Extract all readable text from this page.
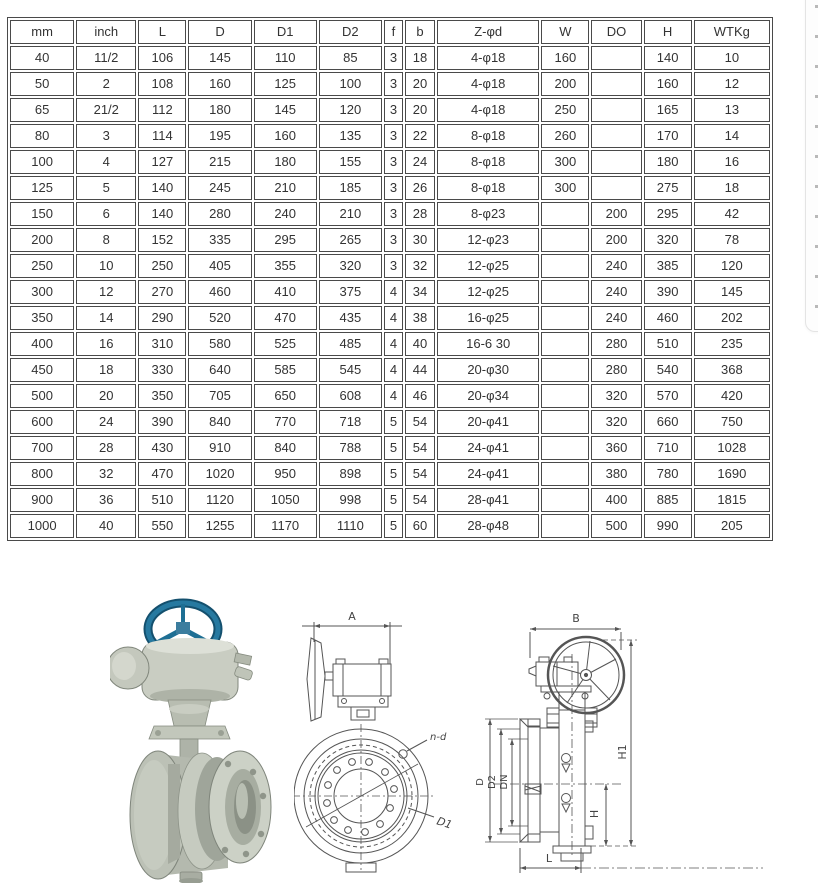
mm	inch	L	D	D1	D2	f	b	Z-φd	W	DO	H	WTKg
40	11/2	106	145	110	85	3	18	4-φ18	160		140	10
50	2	108	160	125	100	3	20	4-φ18	200		160	12
65	21/2	112	180	145	120	3	20	4-φ18	250		165	13
80	3	114	195	160	135	3	22	8-φ18	260		170	14
100	4	127	215	180	155	3	24	8-φ18	300		180	16
125	5	140	245	210	185	3	26	8-φ18	300		275	18
150	6	140	280	240	210	3	28	8-φ23		200	295	42
200	8	152	335	295	265	3	30	12-φ23		200	320	78
250	10	250	405	355	320	3	32	12-φ25		240	385	120
300	12	270	460	410	375	4	34	12-φ25		240	390	145
350	14	290	520	470	435	4	38	16-φ25		240	460	202
400	16	310	580	525	485	4	40	16-6 30		280	510	235
450	18	330	640	585	545	4	44	20-φ30		280	540	368
500	20	350	705	650	608	4	46	20-φ34		320	570	420
600	24	390	840	770	718	5	54	20-φ41		320	660	750
700	28	430	910	840	788	5	54	24-φ41		360	710	1028
800	32	470	1020	950	898	5	54	24-φ41		380	780	1690
900	36	510	1120	1050	998	5	54	28-φ41		400	885	1815
1000	40	550	1255	1170	1110	5	60	28-φ48		500	990	205
A
n-d
D1
B
H1
D D2 DN
H
L
